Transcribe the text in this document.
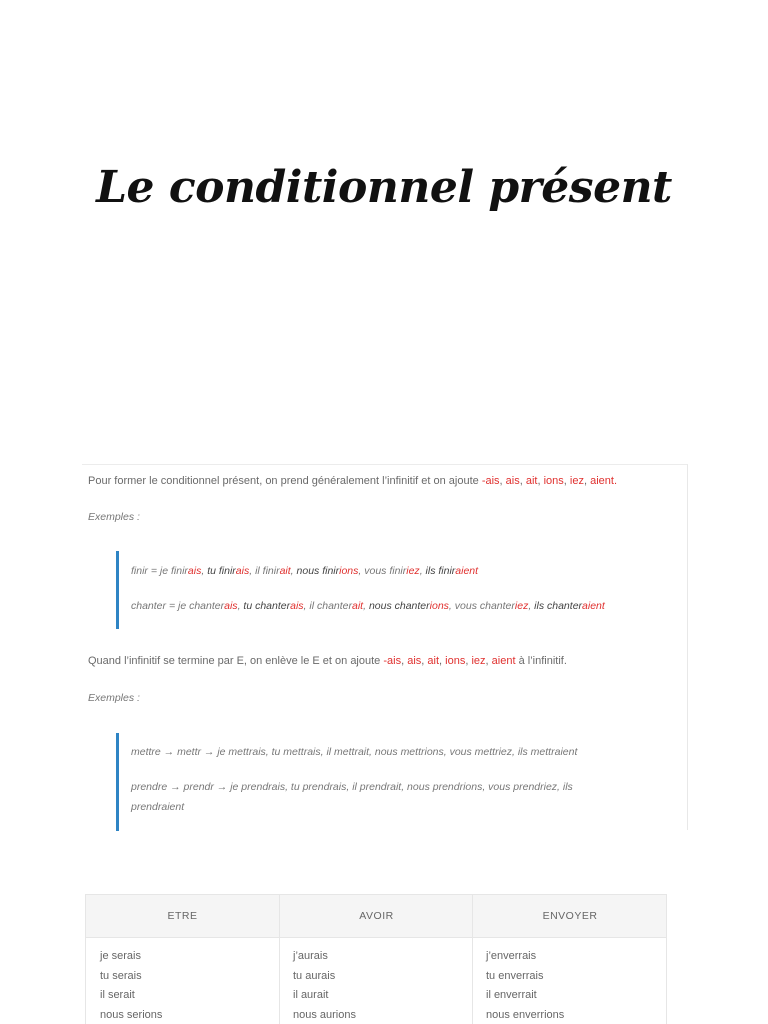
Le conditionnel présent
Pour former le conditionnel présent, on prend généralement l’infinitif et on ajoute -ais, ais, ait, ions, iez, aient.
Exemples :
finir = je finirais, tu finirais, il finirait, nous finirions, vous finiriez, ils finiraient
chanter = je chanterais, tu chanterais, il chanterait, nous chanterions, vous chanteriez, ils chanteraient
Quand l’infinitif se termine par E, on enlève le E et on ajoute -ais, ais, ait, ions, iez, aient à l’infinitif.
Exemples :
mettre → mettr → je mettrais, tu mettrais, il mettrait, nous mettrions, vous mettriez, ils mettraient
prendre → prendr → je prendrais, tu prendrais, il prendrait, nous prendrions, vous prendriez, ils
prendraient
ETRE	AVOIR	ENVOYER
je serais	j’aurais	j’enverrais
tu serais	tu aurais	tu enverrais
il serait	il aurait	il enverrait
nous serions	nous aurions	nous enverrions
